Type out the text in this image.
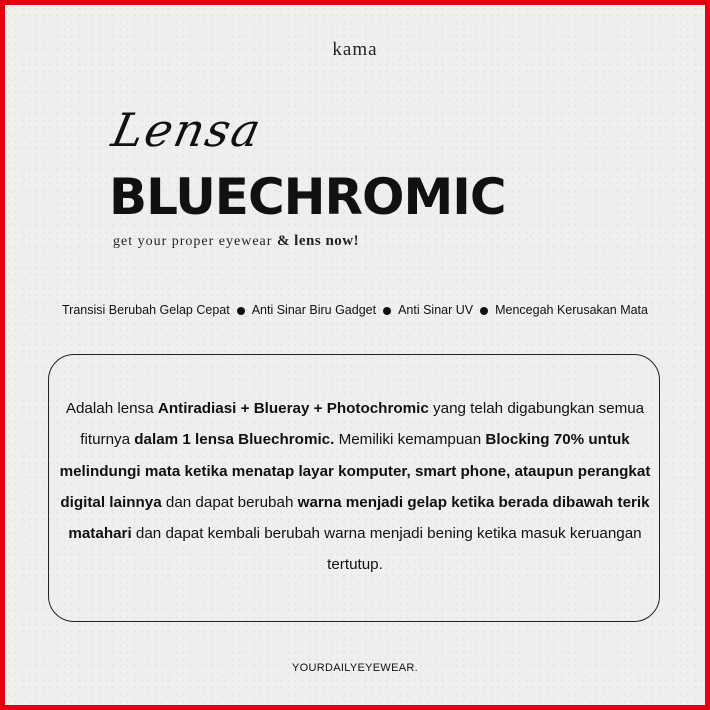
kama
Lensa
BLUECHROMIC
get your proper eyewear & lens now!
Transisi Berubah Gelap Cepat Anti Sinar Biru Gadget Anti Sinar UV Mencegah Kerusakan Mata
Adalah lensa Antiradiasi + Blueray + Photochromic yang telah digabungkan semua fiturnya dalam 1 lensa Bluechromic. Memiliki kemampuan Blocking 70% untuk melindungi mata ketika menatap layar komputer, smart phone, ataupun perangkat digital lainnya dan dapat berubah warna menjadi gelap ketika berada dibawah terik matahari dan dapat kembali berubah warna menjadi bening ketika masuk keruangan tertutup.
YOURDAILYEYEWEAR.
